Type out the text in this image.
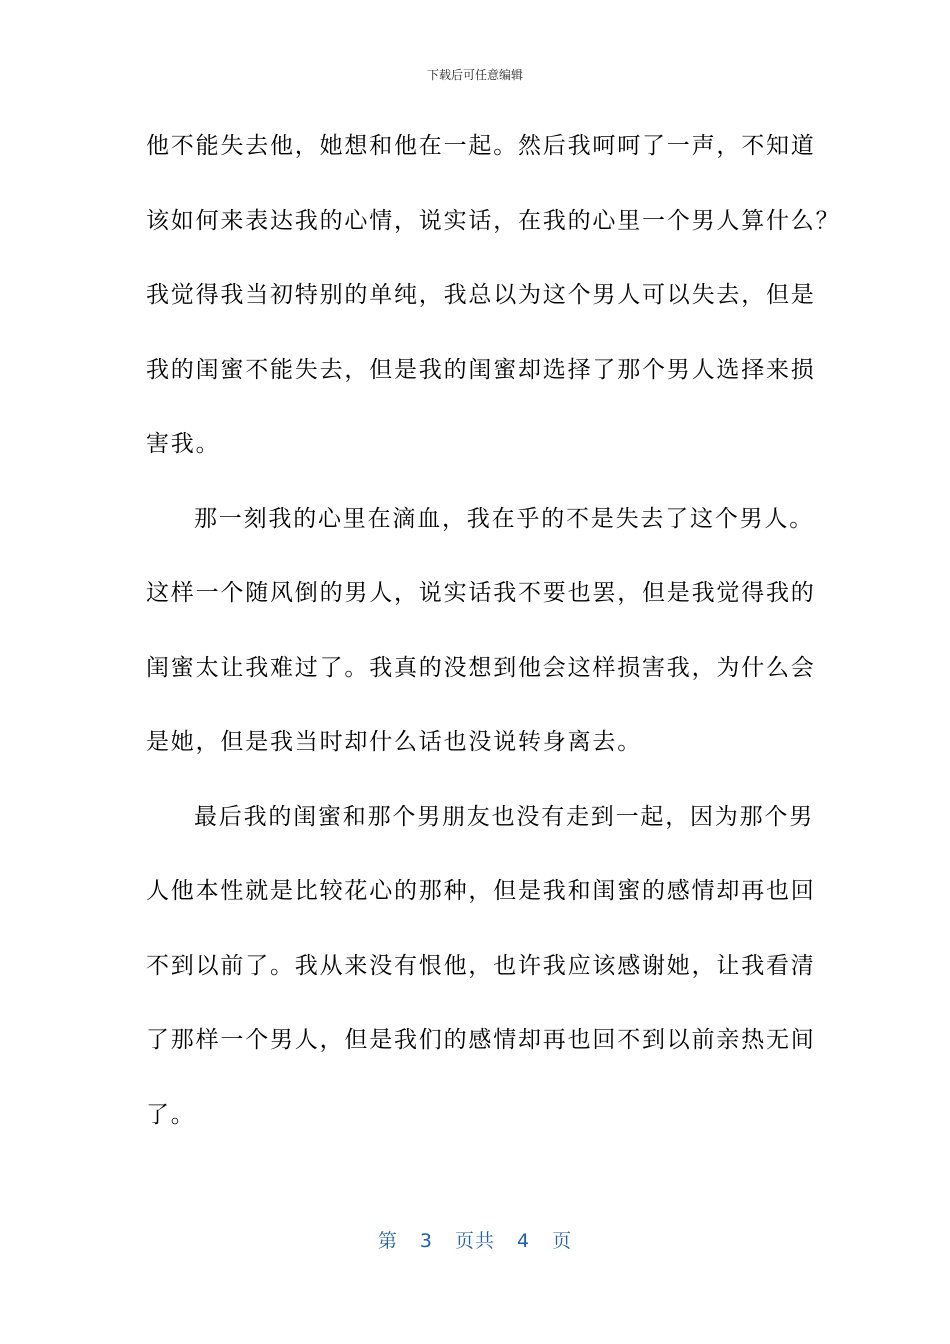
下载后可任意编辑
他不能失去他，她想和他在一起。然后我呵呵了一声，不知道
该如何来表达我的心情，说实话，在我的心里一个男人算什么？
我觉得我当初特别的单纯，我总以为这个男人可以失去，但是
我的闺蜜不能失去，但是我的闺蜜却选择了那个男人选择来损
害我。
那一刻我的心里在滴血，我在乎的不是失去了这个男人。
这样一个随风倒的男人，说实话我不要也罢，但是我觉得我的
闺蜜太让我难过了。我真的没想到他会这样损害我，为什么会
是她，但是我当时却什么话也没说转身离去。
最后我的闺蜜和那个男朋友也没有走到一起，因为那个男
人他本性就是比较花心的那种，但是我和闺蜜的感情却再也回
不到以前了。我从来没有恨他，也许我应该感谢她，让我看清
了那样一个男人，但是我们的感情却再也回不到以前亲热无间
了。
第 3 页共 4 页
